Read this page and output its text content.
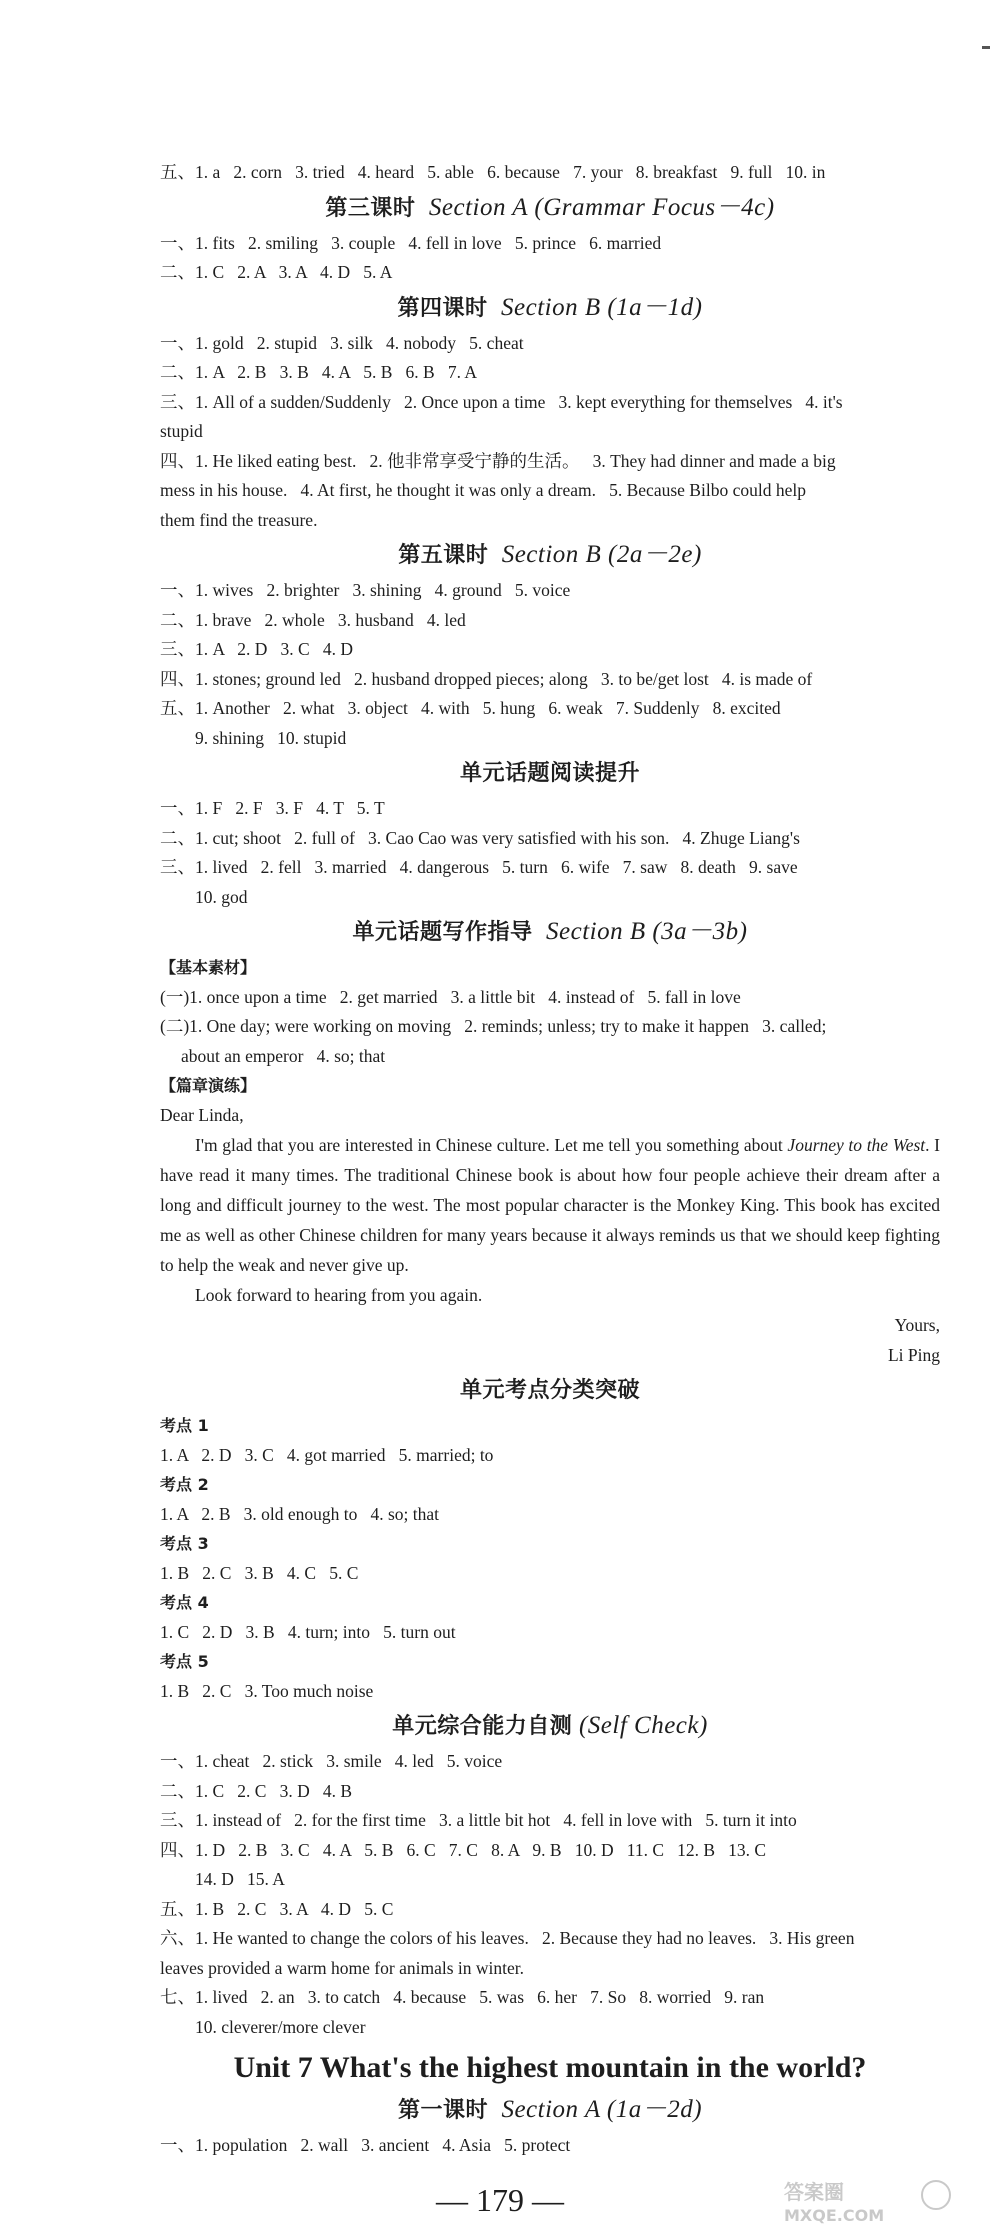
五、1. a   2. corn   3. tried   4. heard   5. able   6. because   7. your   8. breakfast   9. full   10. in
第三课时 Section A (Grammar Focus－4c)
一、1. fits   2. smiling   3. couple   4. fell in love   5. prince   6. married
二、1. C   2. A   3. A   4. D   5. A
第四课时 Section B (1a－1d)
一、1. gold   2. stupid   3. silk   4. nobody   5. cheat
二、1. A   2. B   3. B   4. A   5. B   6. B   7. A
三、1. All of a sudden/Suddenly   2. Once upon a time   3. kept everything for themselves   4. it's
stupid
四、1. He liked eating best.   2. 他非常享受宁静的生活。   3. They had dinner and made a big
mess in his house.   4. At first, he thought it was only a dream.   5. Because Bilbo could help
them find the treasure.
第五课时 Section B (2a－2e)
一、1. wives   2. brighter   3. shining   4. ground   5. voice
二、1. brave   2. whole   3. husband   4. led
三、1. A   2. D   3. C   4. D
四、1. stones; ground led   2. husband dropped pieces; along   3. to be/get lost   4. is made of
五、1. Another   2. what   3. object   4. with   5. hung   6. weak   7. Suddenly   8. excited
9. shining   10. stupid
单元话题阅读提升
一、1. F   2. F   3. F   4. T   5. T
二、1. cut; shoot   2. full of   3. Cao Cao was very satisfied with his son.   4. Zhuge Liang's
三、1. lived   2. fell   3. married   4. dangerous   5. turn   6. wife   7. saw   8. death   9. save
10. god
单元话题写作指导 Section B (3a－3b)
【基本素材】
(一)1. once upon a time   2. get married   3. a little bit   4. instead of   5. fall in love
(二)1. One day; were working on moving   2. reminds; unless; try to make it happen   3. called;
about an emperor   4. so; that
【篇章演练】
Dear Linda,

I'm glad that you are interested in Chinese culture. Let me tell you something about Journey to the West. I have read it many times. The traditional Chinese book is about how four people achieve their dream after a long and difficult journey to the west. The most popular character is the Monkey King. This book has excited me as well as other Chinese children for many years because it always reminds us that we should keep fighting to help the weak and never give up.

Look forward to hearing from you again.

Yours,
Li Ping
单元考点分类突破
考点 1
1. A   2. D   3. C   4. got married   5. married; to
考点 2
1. A   2. B   3. old enough to   4. so; that
考点 3
1. B   2. C   3. B   4. C   5. C
考点 4
1. C   2. D   3. B   4. turn; into   5. turn out
考点 5
1. B   2. C   3. Too much noise
单元综合能力自测 (Self Check)
一、1. cheat   2. stick   3. smile   4. led   5. voice
二、1. C   2. C   3. D   4. B
三、1. instead of   2. for the first time   3. a little bit hot   4. fell in love with   5. turn it into
四、1. D   2. B   3. C   4. A   5. B   6. C   7. C   8. A   9. B   10. D   11. C   12. B   13. C
14. D   15. A
五、1. B   2. C   3. A   4. D   5. C
六、1. He wanted to change the colors of his leaves.   2. Because they had no leaves.   3. His green
leaves provided a warm home for animals in winter.
七、1. lived   2. an   3. to catch   4. because   5. was   6. her   7. So   8. worried   9. ran
10. cleverer/more clever
Unit 7 What's the highest mountain in the world?
第一课时 Section A (1a－2d)
一、1. population   2. wall   3. ancient   4. Asia   5. protect
— 179 —	答案圈
MXQE.COM
